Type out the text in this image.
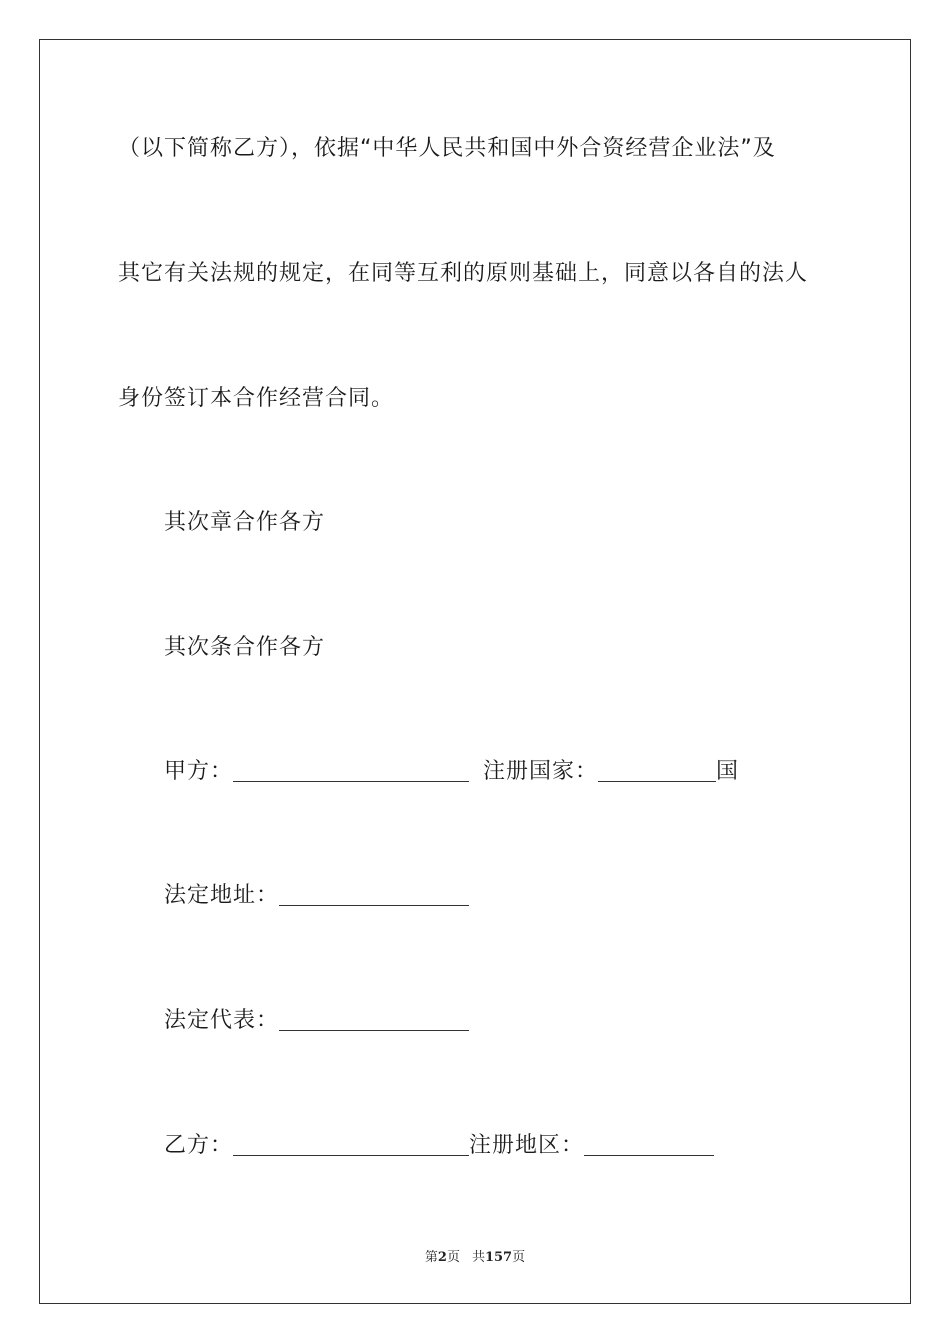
（以下简称乙方），依据“中华人民共和国中外合资经营企业法”及
其它有关法规的规定，在同等互利的原则基础上，同意以各自的法人
身份签订本合作经营合同。
其次章合作各方
其次条合作各方
甲方：	注册国家：	国
法定地址：
法定代表：
乙方：	注册地区：
第2页 共157页
